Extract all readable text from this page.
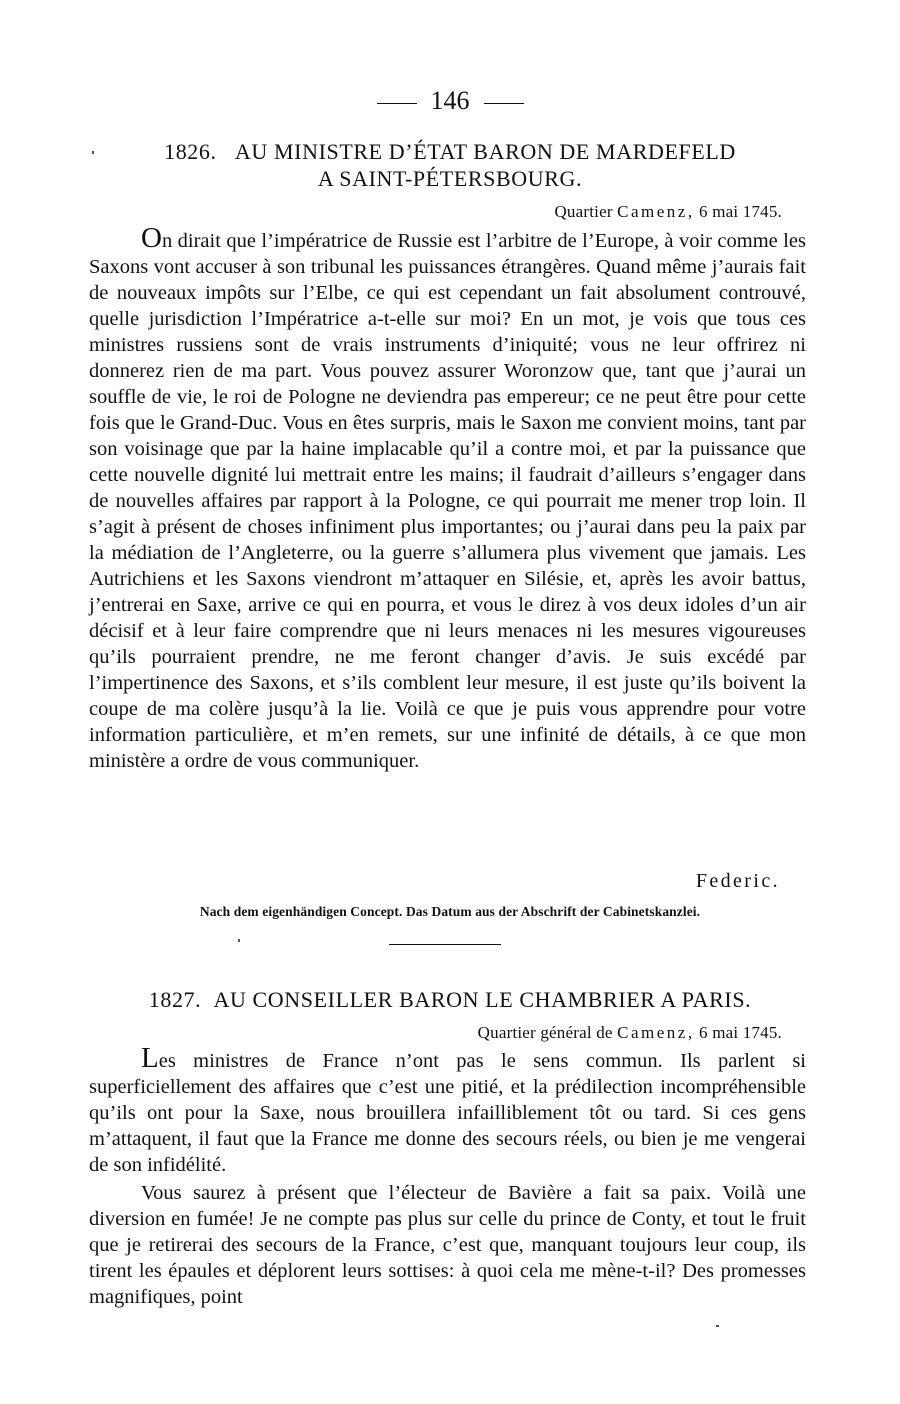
146
1826. AU MINISTRE D’ÉTAT BARON DE MARDEFELD
A SAINT-PÉTERSBOURG.
Quartier Camenz, 6 mai 1745.

On dirait que l’impératrice de Russie est l’arbitre de l’Europe, à voir comme les Saxons vont accuser à son tribunal les puissances étrangères. Quand même j’aurais fait de nouveaux impôts sur l’Elbe, ce qui est cependant un fait absolument controuvé, quelle jurisdiction l’Impératrice a-t-elle sur moi? En un mot, je vois que tous ces ministres russiens sont de vrais instruments d’iniquité; vous ne leur offrirez ni donnerez rien de ma part. Vous pouvez assurer Woronzow que, tant que j’aurai un souffle de vie, le roi de Pologne ne deviendra pas empereur; ce ne peut être pour cette fois que le Grand-Duc. Vous en êtes surpris, mais le Saxon me convient moins, tant par son voisinage que par la haine implacable qu’il a contre moi, et par la puissance que cette nouvelle dignité lui mettrait entre les mains; il faudrait d’ailleurs s’engager dans de nouvelles affaires par rapport à la Pologne, ce qui pourrait me mener trop loin. Il s’agit à présent de choses infiniment plus importantes; ou j’aurai dans peu la paix par la médiation de l’Angleterre, ou la guerre s’allumera plus vivement que jamais. Les Autrichiens et les Saxons viendront m’attaquer en Silésie, et, après les avoir battus, j’entrerai en Saxe, arrive ce qui en pourra, et vous le direz à vos deux idoles d’un air décisif et à leur faire comprendre que ni leurs menaces ni les mesures vigoureuses qu’ils pourraient prendre, ne me feront changer d’avis. Je suis excédé par l’impertinence des Saxons, et s’ils comblent leur mesure, il est juste qu’ils boivent la coupe de ma colère jusqu’à la lie. Voilà ce que je puis vous apprendre pour votre information particulière, et m’en remets, sur une infinité de détails, à ce que mon ministère a ordre de vous communiquer.

Federic.
Nach dem eigenhändigen Concept. Das Datum aus der Abschrift der Cabinetskanzlei.
1827. AU CONSEILLER BARON LE CHAMBRIER A PARIS.
Quartier général de Camenz, 6 mai 1745.

Les ministres de France n’ont pas le sens commun. Ils parlent si superficiellement des affaires que c’est une pitié, et la prédilection incompréhensible qu’ils ont pour la Saxe, nous brouillera infailliblement tôt ou tard. Si ces gens m’attaquent, il faut que la France me donne des secours réels, ou bien je me vengerai de son infidélité.

Vous saurez à présent que l’électeur de Bavière a fait sa paix. Voilà une diversion en fumée! Je ne compte pas plus sur celle du prince de Conty, et tout le fruit que je retirerai des secours de la France, c’est que, manquant toujours leur coup, ils tirent les épaules et déplorent leurs sottises: à quoi cela me mène-t-il? Des promesses magnifiques, point
